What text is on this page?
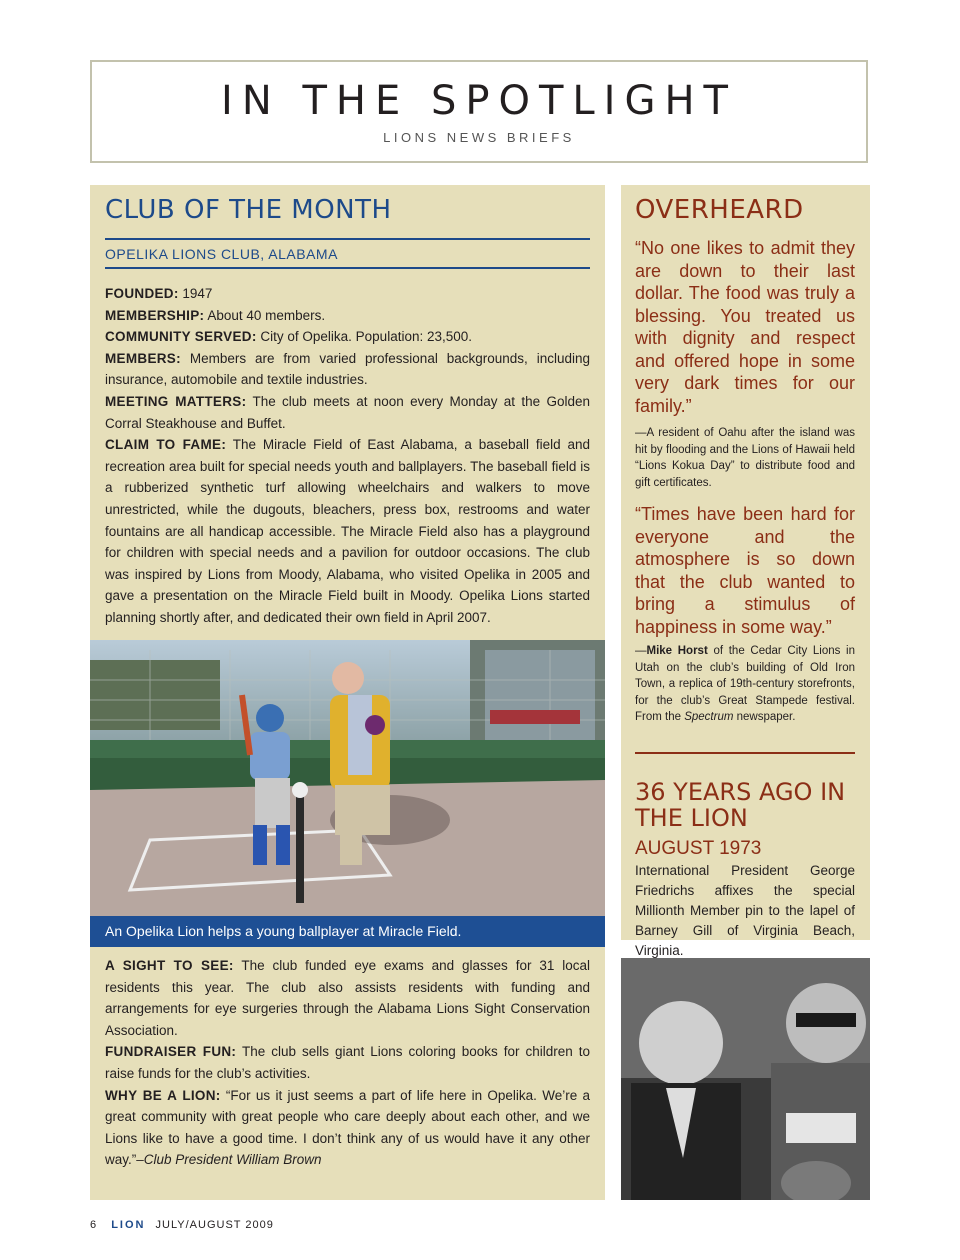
IN THE SPOTLIGHT
LIONS NEWS BRIEFS
CLUB OF THE MONTH
OPELIKA LIONS CLUB, ALABAMA

FOUNDED: 1947

MEMBERSHIP: About 40 members.

COMMUNITY SERVED: City of Opelika. Population: 23,500.

MEMBERS: Members are from varied professional backgrounds, including insurance, automobile and textile industries.

MEETING MATTERS: The club meets at noon every Monday at the Golden Corral Steakhouse and Buffet.

CLAIM TO FAME: The Miracle Field of East Alabama, a baseball field and recreation area built for special needs youth and ballplayers. The baseball field is a rubberized synthetic turf allowing wheelchairs and walkers to move unrestricted, while the dugouts, bleachers, press box, restrooms and water fountains are all handicap accessible. The Miracle Field also has a playground for children with special needs and a pavilion for outdoor occasions. The club was inspired by Lions from Moody, Alabama, who visited Opelika in 2005 and gave a presentation on the Miracle Field built in Moody. Opelika Lions started planning shortly after, and dedicated their own field in April 2007.

An Opelika Lion helps a young ballplayer at Miracle Field.

A SIGHT TO SEE: The club funded eye exams and glasses for 31 local residents this year. The club also assists residents with funding and arrangements for eye surgeries through the Alabama Lions Sight Conservation Association.

FUNDRAISER FUN: The club sells giant Lions coloring books for children to raise funds for the club’s activities.

WHY BE A LION: “For us it just seems a part of life here in Opelika. We’re a great community with great people who care deeply about each other, and we Lions like to have a good time. I don’t think any of us would have it any other way.”–Club President William Brown

OVERHEARD
“No one likes to admit they are down to their last dollar. The food was truly a blessing. You treated us with dignity and respect and offered hope in some very dark times for our family.”
—A resident of Oahu after the island was hit by flooding and the Lions of Hawaii held “Lions Kokua Day” to distribute food and gift certificates.
“Times have been hard for everyone and the atmosphere is so down that the club wanted to bring a stimulus of happiness in some way.”
—Mike Horst of the Cedar City Lions in Utah on the club’s building of Old Iron Town, a replica of 19th-century storefronts, for the club’s Great Stampede festival. From the Spectrum newspaper.
36 YEARS AGO IN THE LION
AUGUST 1973
International President George Friedrichs affixes the special Millionth Member pin to the lapel of Barney Gill of Virginia Beach, Virginia.
6 LION JULY/AUGUST 2009
